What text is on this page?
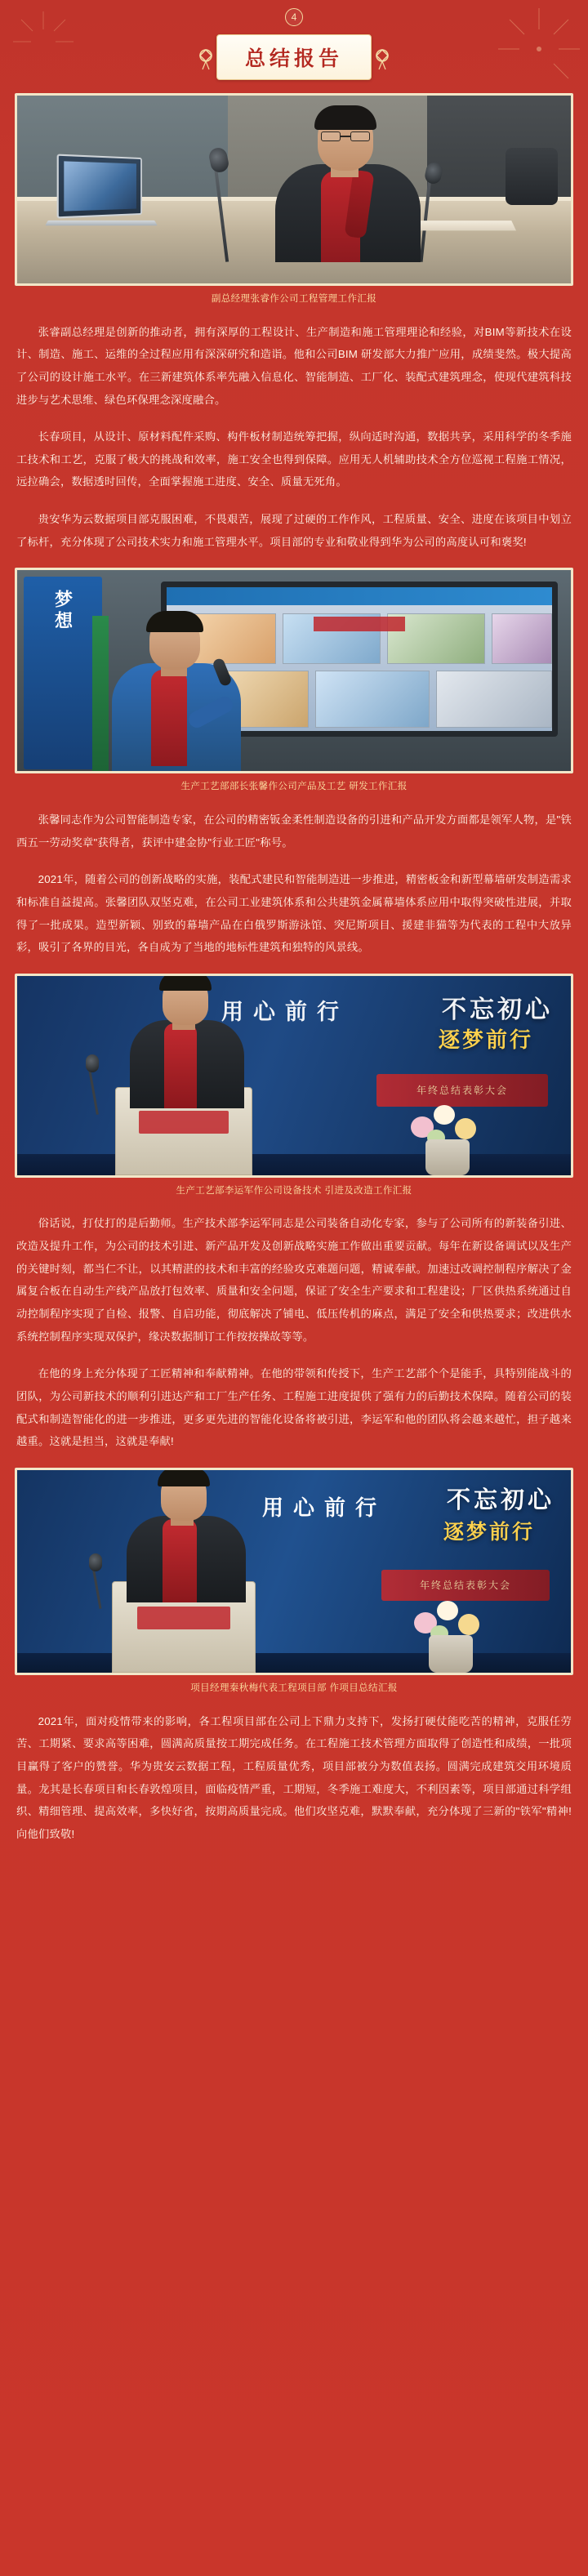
4
总结报告
副总经理张睿作公司工程管理工作汇报

张睿副总经理是创新的推动者，拥有深厚的工程设计、生产制造和施工管理理论和经验，对BIM等新技术在设计、制造、施工、运维的全过程应用有深深研究和造诣。他和公司BIM 研发部大力推广应用，成绩斐然。极大提高了公司的设计施工水平。在三新建筑体系率先融入信息化、智能制造、工厂化、装配式建筑理念，使现代建筑科技进步与艺术思维、绿色环保理念深度融合。

长春项目，从设计、原材料配件采购、构件板材制造统筹把握，纵向适时沟通，数据共享，采用科学的冬季施工技术和工艺，克服了极大的挑战和效率，施工安全也得到保障。应用无人机辅助技术全方位巡视工程施工情况，远拉确会，数据透时回传，全面掌握施工进度、安全、质量无死角。

贵安华为云数据项目部克服困难，不畏艰苦，展现了过硬的工作作风，工程质量、安全、进度在该项目中划立了标杆，充分体现了公司技术实力和施工管理水平。项目部的专业和敬业得到华为公司的高度认可和褒奖!

梦想
生产工艺部部长张馨作公司产品及工艺 研发工作汇报

张馨同志作为公司智能制造专家，在公司的精密钣金柔性制造设备的引进和产品开发方面都是领军人物，是"铁西五一劳动奖章"获得者，获评中建金协"行业工匠"称号。

2021年，随着公司的创新战略的实施，装配式建民和智能制造进一步推进，精密板金和新型幕墙研发制造需求和标准自益提高。张馨团队双坚克难，在公司工业建筑体系和公共建筑金属幕墙体系应用中取得突破性进展，并取得了一批成果。造型新颖、别致的幕墙产品在白俄罗斯游泳馆、突尼斯项目、援建非猫等为代表的工程中大放异彩，吸引了各界的目光，各自成为了当地的地标性建筑和独特的风景线。

不忘初心
逐梦前行
用心前行
年终总结表彰大会
生产工艺部李运军作公司设备技术 引进及改造工作汇报

俗话说，打仗打的是后勤师。生产技术部李运军同志是公司装备自动化专家，参与了公司所有的新装备引进、改造及提升工作，为公司的技术引进、新产品开发及创新战略实施工作做出重要贡献。每年在新设备调试以及生产的关键时刻，都当仁不让，以其精湛的技术和丰富的经验攻克难题问题，精诚奉献。加速过改调控制程序解决了金属复合板在自动生产线产品放打包效率、质量和安全问题，保证了安全生产要求和工程建设；厂区供热系统通过自动控制程序实现了自检、报警、自启功能，彻底解决了铺电、低压传机的麻点，满足了安全和供热要求；改进供水系统控制程序实现双保护，缘决数据制订工作按按操故等等。

在他的身上充分体现了工匠精神和奉献精神。在他的带领和传授下，生产工艺部个个是能手，具特别能战斗的团队，为公司新技术的顺利引进达产和工厂生产任务、工程施工进度提供了强有力的后勤技术保障。随着公司的装配式和制造智能化的进一步推进，更多更先进的智能化设备将被引进，李运军和他的团队将会越来越忙，担子越来越重。这就是担当，这就是奉献!

不忘初心
逐梦前行
用心前行
年终总结表彰大会
项目经理秦秋梅代表工程项目部 作项目总结汇报

2021年，面对疫情带来的影响，各工程项目部在公司上下鼎力支持下，发扬打硬仗能吃苦的精神，克服任劳苦、工期紧、要求高等困难，圆满高质量按工期完成任务。在工程施工技术管理方面取得了创造性和成绩，一批项目赢得了客户的赞誉。华为贵安云数据工程，工程质量优秀，项目部被分为数值表扬。圆满完成建筑交用环境质量。龙其是长春项目和长春敦煌项目，面临疫情严重，工期短，冬季施工难度大，不利因素等，项目部通过科学组织、精细管理、提高效率，多快好省，按期高质量完成。他们攻坚克难，默默奉献，充分体现了三新的"铁军"精神! 向他们致敬!
